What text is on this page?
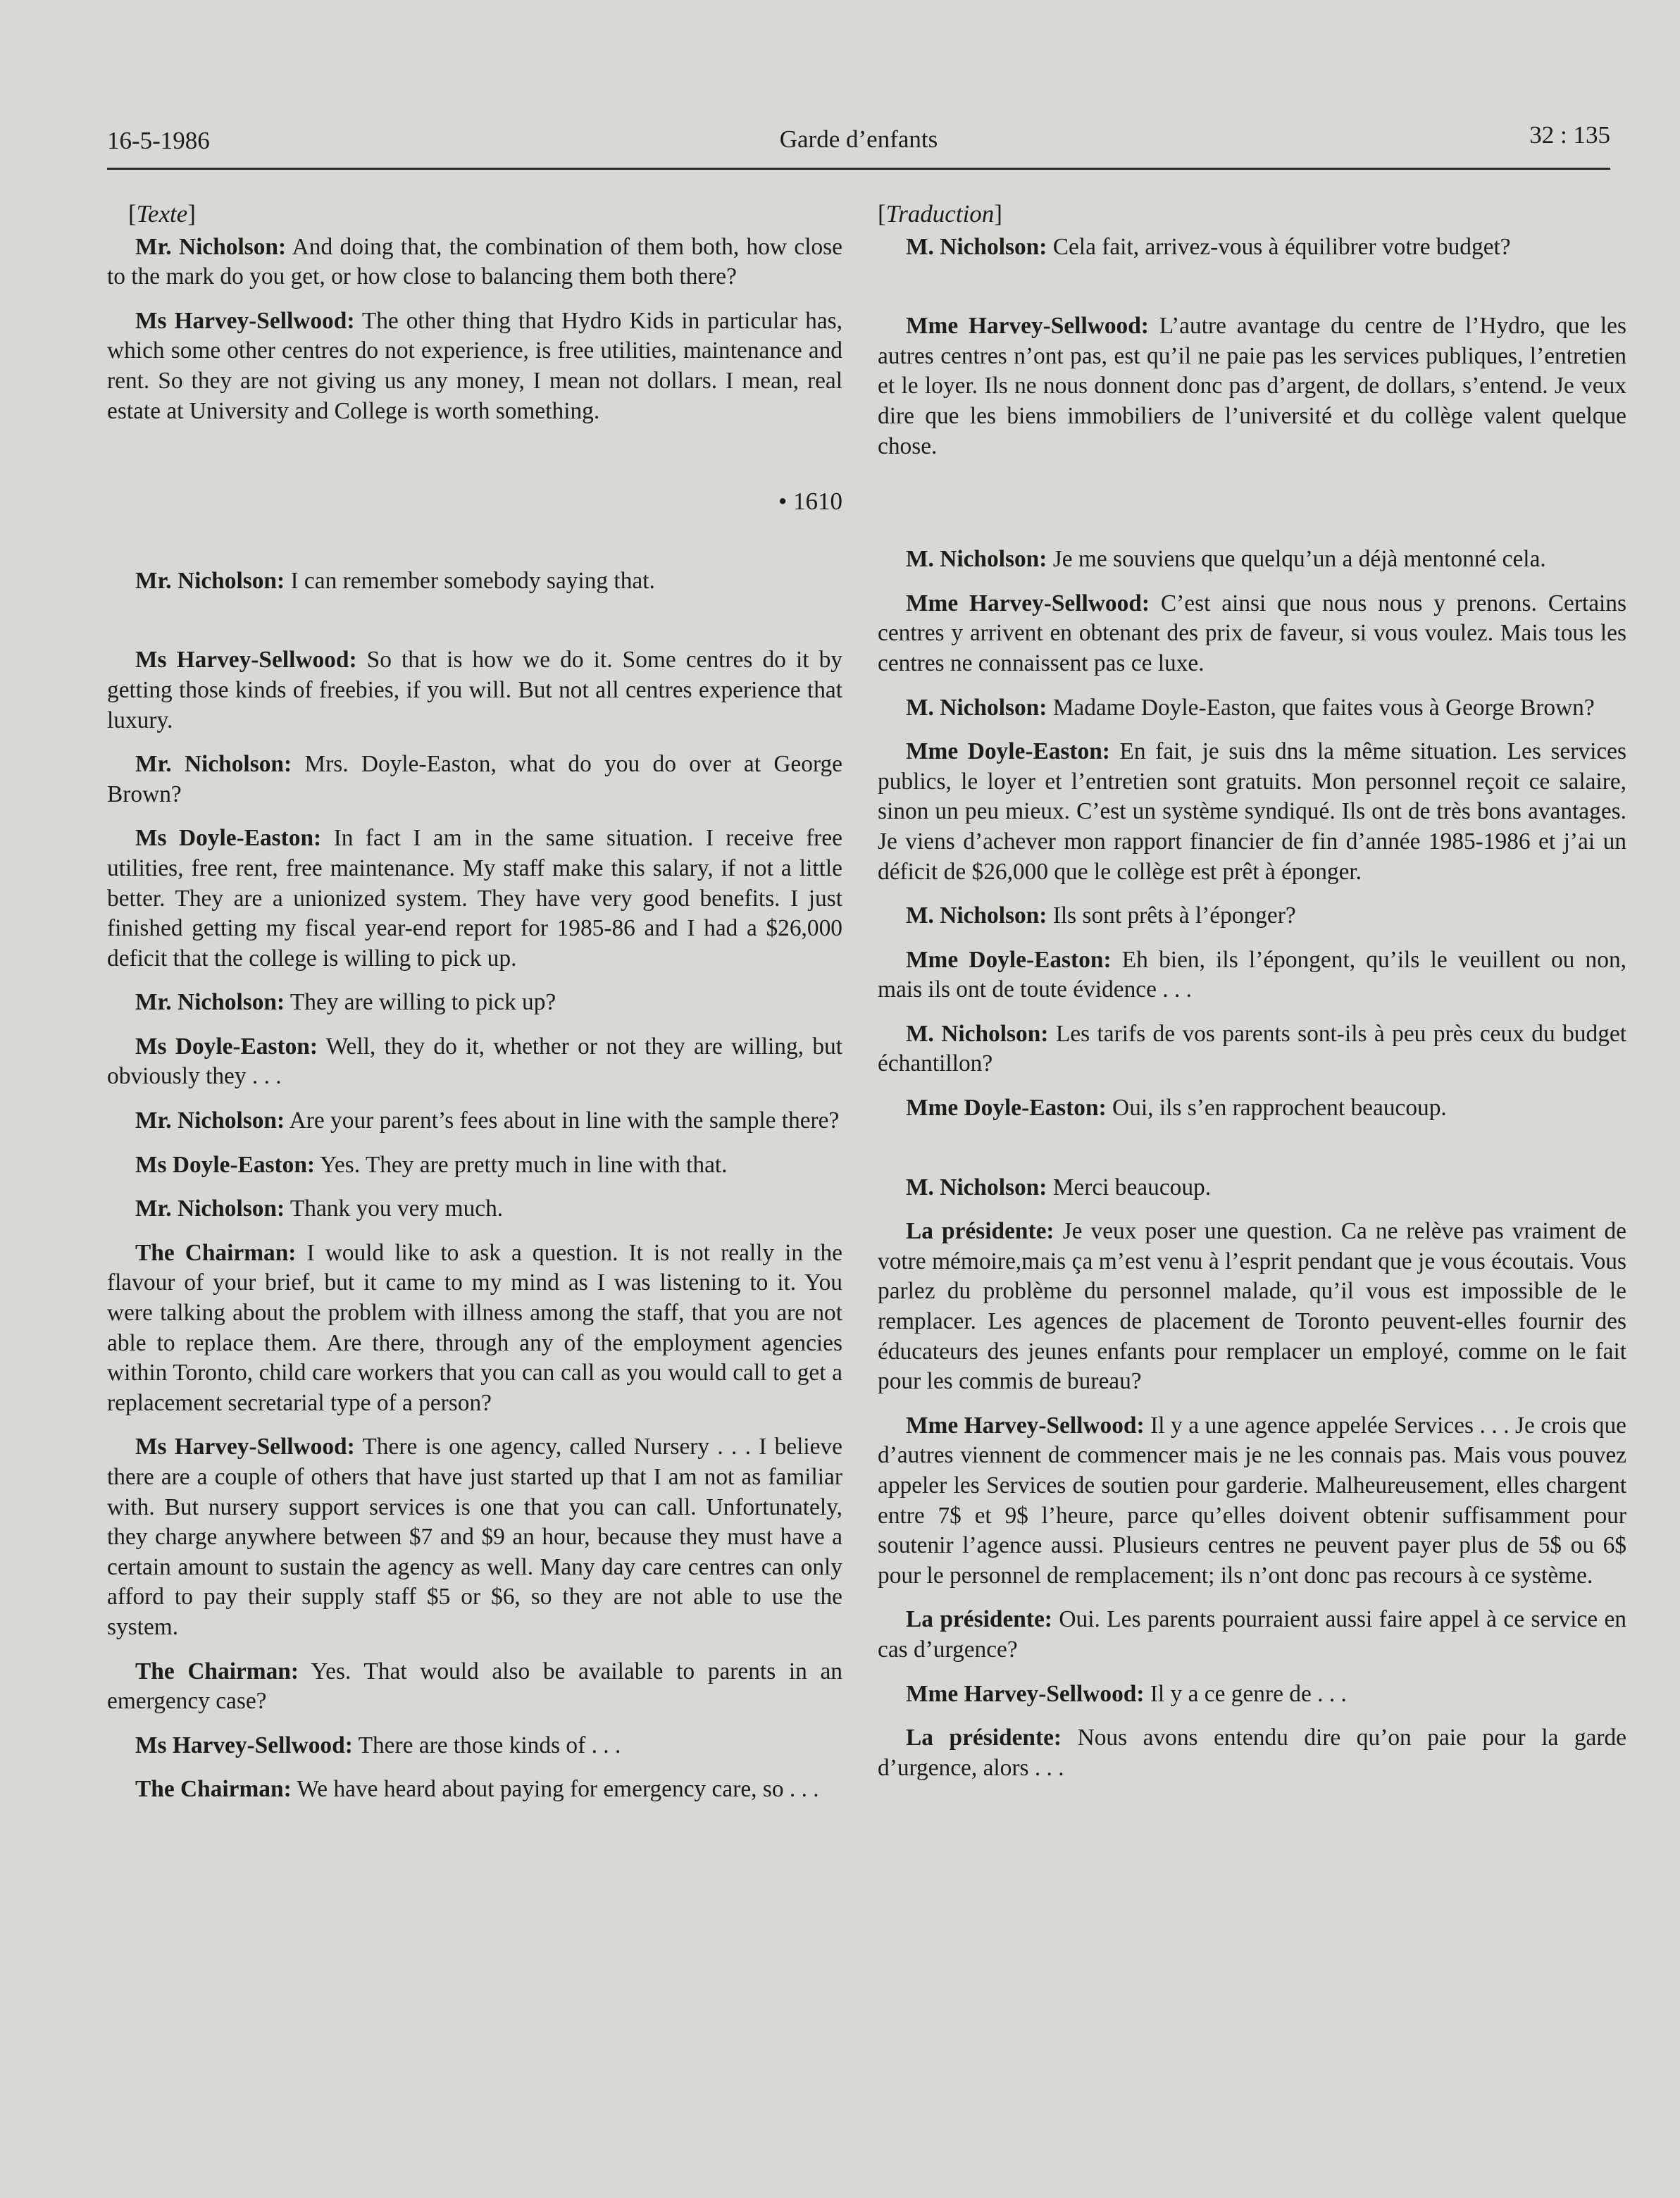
16-5-1986	Garde d’enfants	32 : 135
[Texte]

Mr. Nicholson: And doing that, the combination of them both, how close to the mark do you get, or how close to balancing them both there?

Ms Harvey-Sellwood: The other thing that Hydro Kids in particular has, which some other centres do not experience, is free utilities, maintenance and rent. So they are not giving us any money, I mean not dollars. I mean, real estate at University and College is worth something.

• 1610

Mr. Nicholson: I can remember somebody saying that.

Ms Harvey-Sellwood: So that is how we do it. Some centres do it by getting those kinds of freebies, if you will. But not all centres experience that luxury.

Mr. Nicholson: Mrs. Doyle-Easton, what do you do over at George Brown?

Ms Doyle-Easton: In fact I am in the same situation. I receive free utilities, free rent, free maintenance. My staff make this salary, if not a little better. They are a unionized system. They have very good benefits. I just finished getting my fiscal year-end report for 1985-86 and I had a $26,000 deficit that the college is willing to pick up.

Mr. Nicholson: They are willing to pick up?

Ms Doyle-Easton: Well, they do it, whether or not they are willing, but obviously they . . .

Mr. Nicholson: Are your parent’s fees about in line with the sample there?

Ms Doyle-Easton: Yes. They are pretty much in line with that.

Mr. Nicholson: Thank you very much.

The Chairman: I would like to ask a question. It is not really in the flavour of your brief, but it came to my mind as I was listening to it. You were talking about the problem with illness among the staff, that you are not able to replace them. Are there, through any of the employment agencies within Toronto, child care workers that you can call as you would call to get a replacement secretarial type of a person?

Ms Harvey-Sellwood: There is one agency, called Nursery . . . I believe there are a couple of others that have just started up that I am not as familiar with. But nursery support services is one that you can call. Unfortunately, they charge anywhere between $7 and $9 an hour, because they must have a certain amount to sustain the agency as well. Many day care centres can only afford to pay their supply staff $5 or $6, so they are not able to use the system.

The Chairman: Yes. That would also be available to parents in an emergency case?

Ms Harvey-Sellwood: There are those kinds of . . .

The Chairman: We have heard about paying for emergency care, so . . .

[Traduction]

M. Nicholson: Cela fait, arrivez-vous à équilibrer votre budget?

Mme Harvey-Sellwood: L’autre avantage du centre de l’Hydro, que les autres centres n’ont pas, est qu’il ne paie pas les services publiques, l’entretien et le loyer. Ils ne nous donnent donc pas d’argent, de dollars, s’entend. Je veux dire que les biens immobiliers de l’université et du collège valent quelque chose.

M. Nicholson: Je me souviens que quelqu’un a déjà mentonné cela.

Mme Harvey-Sellwood: C’est ainsi que nous nous y prenons. Certains centres y arrivent en obtenant des prix de faveur, si vous voulez. Mais tous les centres ne connaissent pas ce luxe.

M. Nicholson: Madame Doyle-Easton, que faites vous à George Brown?

Mme Doyle-Easton: En fait, je suis dns la même situation. Les services publics, le loyer et l’entretien sont gratuits. Mon personnel reçoit ce salaire, sinon un peu mieux. C’est un système syndiqué. Ils ont de très bons avantages. Je viens d’achever mon rapport financier de fin d’année 1985-1986 et j’ai un déficit de $26,000 que le collège est prêt à éponger.

M. Nicholson: Ils sont prêts à l’éponger?

Mme Doyle-Easton: Eh bien, ils l’épongent, qu’ils le veuillent ou non, mais ils ont de toute évidence . . .

M. Nicholson: Les tarifs de vos parents sont-ils à peu près ceux du budget échantillon?

Mme Doyle-Easton: Oui, ils s’en rapprochent beaucoup.

M. Nicholson: Merci beaucoup.

La présidente: Je veux poser une question. Ca ne relève pas vraiment de votre mémoire,mais ça m’est venu à l’esprit pendant que je vous écoutais. Vous parlez du problème du personnel malade, qu’il vous est impossible de le remplacer. Les agences de placement de Toronto peuvent-elles fournir des éducateurs des jeunes enfants pour remplacer un employé, comme on le fait pour les commis de bureau?

Mme Harvey-Sellwood: Il y a une agence appelée Services . . . Je crois que d’autres viennent de commencer mais je ne les connais pas. Mais vous pouvez appeler les Services de soutien pour garderie. Malheureusement, elles chargent entre 7$ et 9$ l’heure, parce qu’elles doivent obtenir suffisamment pour soutenir l’agence aussi. Plusieurs centres ne peuvent payer plus de 5$ ou 6$ pour le personnel de remplacement; ils n’ont donc pas recours à ce système.

La présidente: Oui. Les parents pourraient aussi faire appel à ce service en cas d’urgence?

Mme Harvey-Sellwood: Il y a ce genre de . . .

La présidente: Nous avons entendu dire qu’on paie pour la garde d’urgence, alors . . .
